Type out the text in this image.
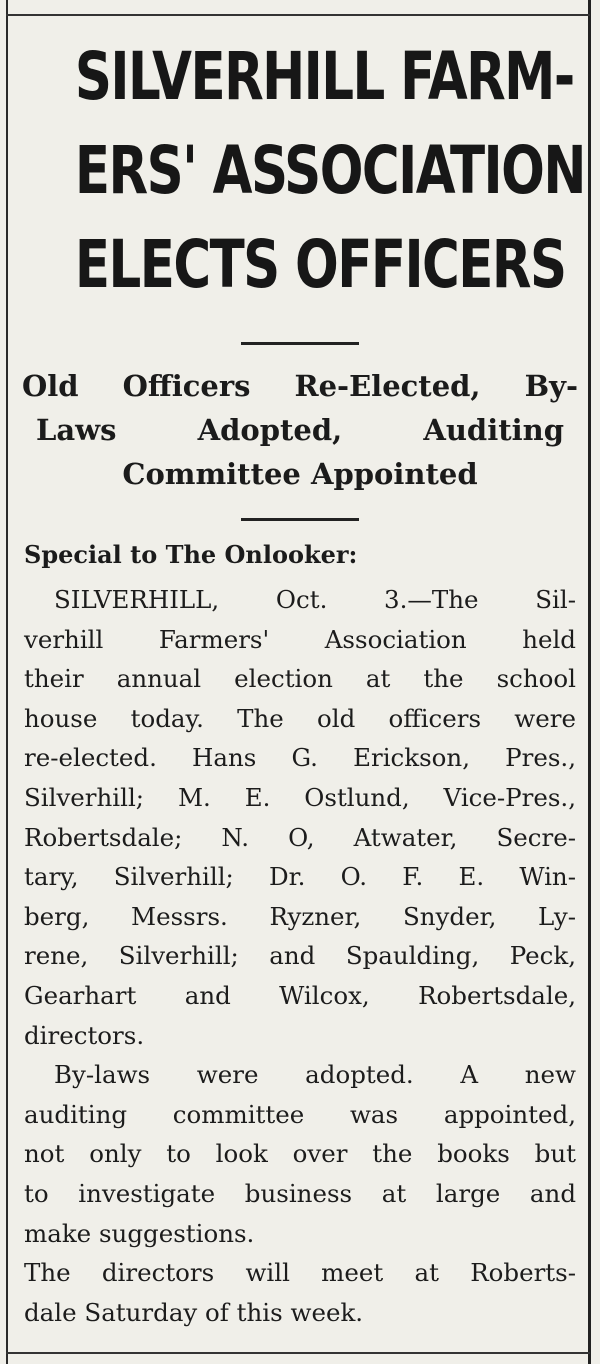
SILVERHILL FARM-
ERS' ASSOCIATION
ELECTS OFFICERS
Old Officers Re-Elected, By-
Laws Adopted, Auditing
Committee Appointed

Special to The Onlooker:

SILVERHILL, Oct. 3.—The Sil-
verhill Farmers' Association held
their annual election at the school
house today. The old officers were
re-elected. Hans G. Erickson, Pres.,
Silverhill; M. E. Ostlund, Vice-Pres.,
Robertsdale; N. O, Atwater, Secre-
tary, Silverhill; Dr. O. F. E. Win-
berg, Messrs. Ryzner, Snyder, Ly-
rene, Silverhill; and Spaulding, Peck,
Gearhart and Wilcox, Robertsdale,
directors.
By-laws were adopted. A new
auditing committee was appointed,
not only to look over the books but
to investigate business at large and
make suggestions.
The directors will meet at Roberts-
dale Saturday of this week.
